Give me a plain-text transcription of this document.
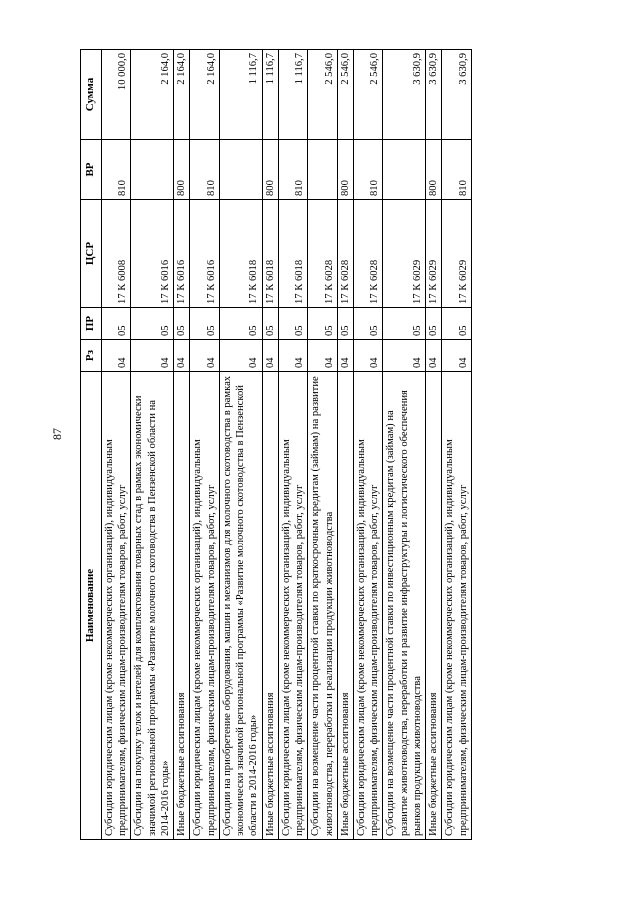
87
Наименование	Рз	ПР	ЦСР	ВР	Сумма
Субсидии юридическим лицам (кроме некоммерческих организаций), индивидуальным предпринимателям, физическим лицам-производителям товаров, работ, услуг	04	05	17 К 6008	810	10 000,0
Субсидии на покупку телок и нетелей для комплектования товарных стад в рамках экономически значимой региональной программы «Развитие молочного скотоводства в Пензенской области на 2014-2016 годы»	04	05	17 К 6016		2 164,0
Иные бюджетные ассигнования	04	05	17 К 6016	800	2 164,0
Субсидии юридическим лицам (кроме некоммерческих организаций), индивидуальным предпринимателям, физическим лицам-производителям товаров, работ, услуг	04	05	17 К 6016	810	2 164,0
Субсидии на приобретение оборудования, машин и механизмов для молочного скотоводства в рамках экономически значимой региональной программы «Развитие молочного скотоводства в Пензенской области в 2014-2016 годы»	04	05	17 К 6018		1 116,7
Иные бюджетные ассигнования	04	05	17 К 6018	800	1 116,7
Субсидии юридическим лицам (кроме некоммерческих организаций), индивидуальным предпринимателям, физическим лицам-производителям товаров, работ, услуг	04	05	17 К 6018	810	1 116,7
Субсидии на возмещение части процентной ставки по краткосрочным кредитам (займам) на развитие животноводства, переработки и реализации продукции животноводства	04	05	17 К 6028		2 546,0
Иные бюджетные ассигнования	04	05	17 К 6028	800	2 546,0
Субсидии юридическим лицам (кроме некоммерческих организаций), индивидуальным предпринимателям, физическим лицам-производителям товаров, работ, услуг	04	05	17 К 6028	810	2 546,0
Субсидии на возмещение части процентной ставки по инвестиционным кредитам (займам) на развитие животноводства, переработки и развитие инфраструктуры и логистического обеспечения рынков продукции животноводства	04	05	17 К 6029		3 630,9
Иные бюджетные ассигнования	04	05	17 К 6029	800	3 630,9
Субсидии юридическим лицам (кроме некоммерческих организаций), индивидуальным предпринимателям, физическим лицам-производителям товаров, работ, услуг	04	05	17 К 6029	810	3 630,9
